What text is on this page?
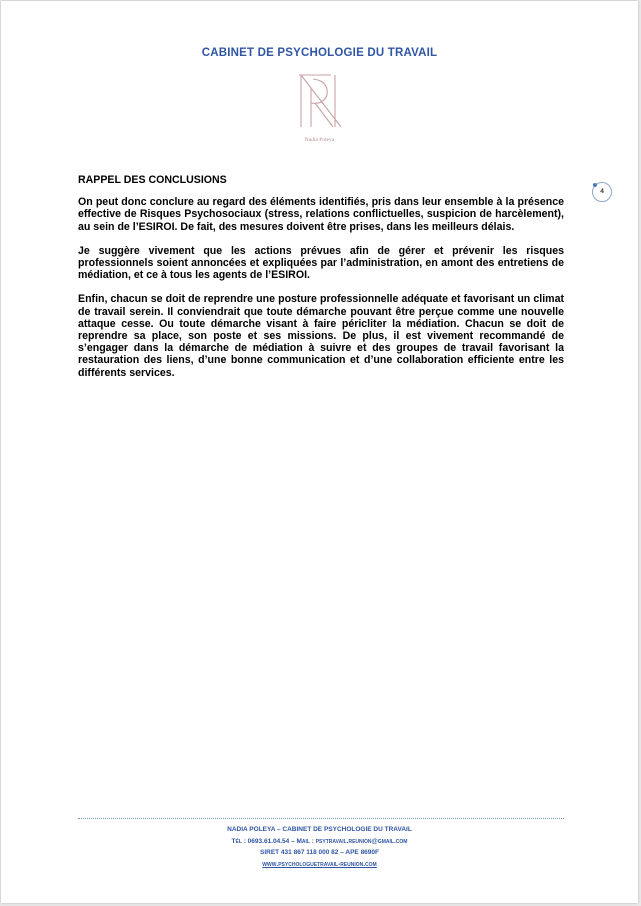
CABINET DE PSYCHOLOGIE DU TRAVAIL
Nadia Poleya
4
RAPPEL DES CONCLUSIONS

On peut donc conclure au regard des éléments identifiés, pris dans leur ensemble à la présence effective de Risques Psychosociaux (stress, relations conflictuelles, suspicion de harcèlement), au sein de l’ESIROI. De fait, des mesures doivent être prises, dans les meilleurs délais.

Je suggère vivement que les actions prévues afin de gérer et prévenir les risques professionnels soient annoncées et expliquées par l’administration, en amont des entretiens de médiation, et ce à tous les agents de l’ESIROI.

Enfin, chacun se doit de reprendre une posture professionnelle adéquate et favorisant un climat de travail serein. Il conviendrait que toute démarche pouvant être perçue comme une nouvelle attaque cesse. Ou toute démarche visant à faire péricliter la médiation. Chacun se doit de reprendre sa place, son poste et ses missions. De plus, il est vivement recommandé de s’engager dans la démarche de médiation à suivre et des groupes de travail favorisant la restauration des liens, d’une bonne communication et d’une collaboration efficiente entre les différents services.

NADIA POLEYA – CABINET DE PSYCHOLOGIE DU TRAVAIL
Tél : 0693.61.04.54 – Mail : psytravail.reunion@gmail.com
SIRET 431 867 118 000 82 – APE 8690F
www.psychologuetravail-reunion.com
